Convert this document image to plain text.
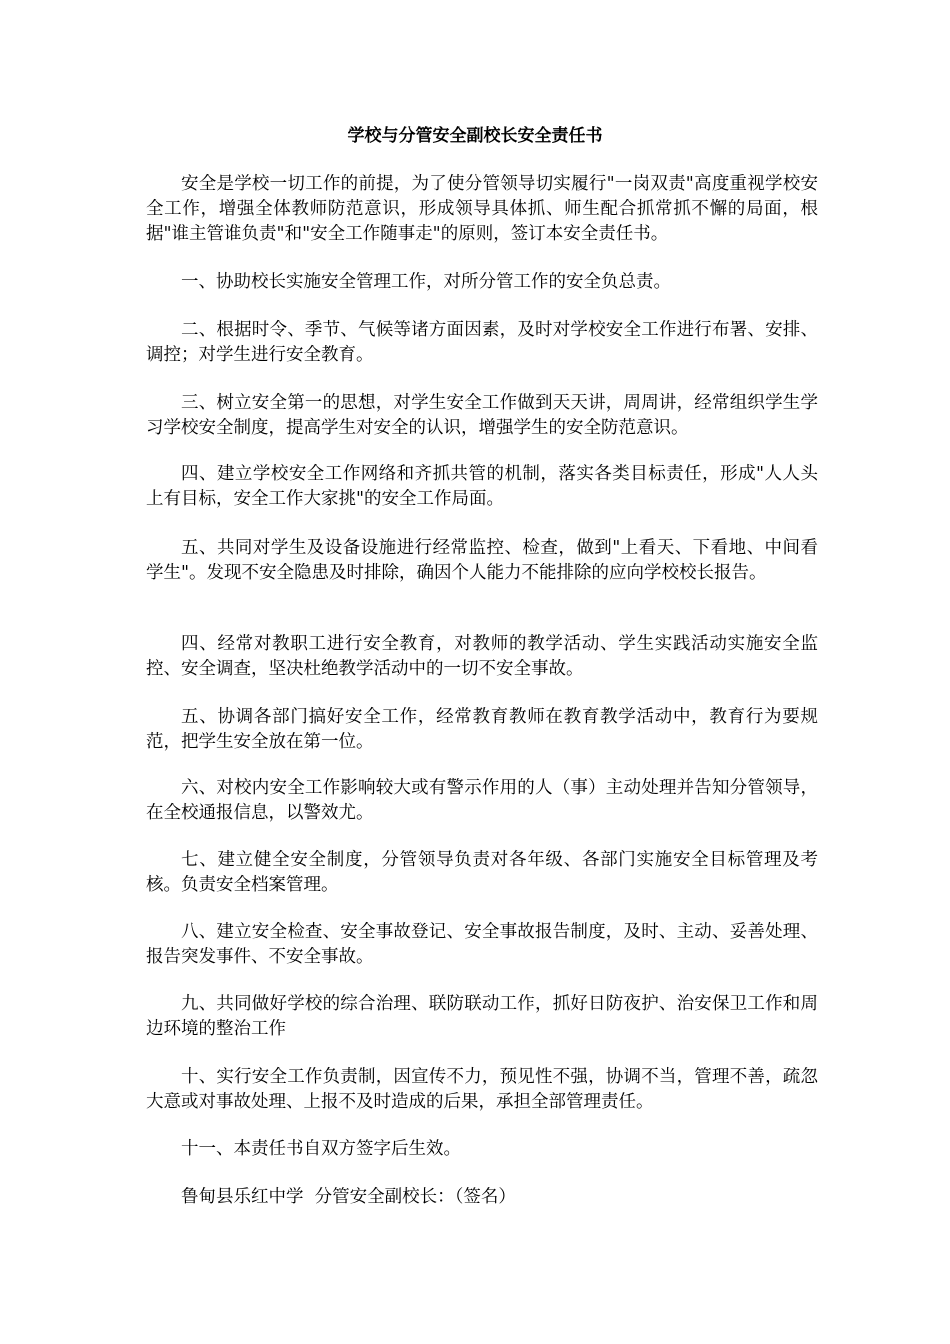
学校与分管安全副校长安全责任书

安全是学校一切工作的前提，为了使分管领导切实履行"一岗双责"高度重视学校安全工作，增强全体教师防范意识，形成领导具体抓、师生配合抓常抓不懈的局面，根据"谁主管谁负责"和"安全工作随事走"的原则，签订本安全责任书。

一、协助校长实施安全管理工作，对所分管工作的安全负总责。

二、根据时令、季节、气候等诸方面因素，及时对学校安全工作进行布署、安排、调控；对学生进行安全教育。

三、树立安全第一的思想，对学生安全工作做到天天讲，周周讲，经常组织学生学习学校安全制度，提高学生对安全的认识，增强学生的安全防范意识。

四、建立学校安全工作网络和齐抓共管的机制，落实各类目标责任，形成"人人头上有目标，安全工作大家挑"的安全工作局面。

五、共同对学生及设备设施进行经常监控、检查，做到"上看天、下看地、中间看学生"。发现不安全隐患及时排除，确因个人能力不能排除的应向学校校长报告。

四、经常对教职工进行安全教育，对教师的教学活动、学生实践活动实施安全监控、安全调查，坚决杜绝教学活动中的一切不安全事故。

五、协调各部门搞好安全工作，经常教育教师在教育教学活动中，教育行为要规范，把学生安全放在第一位。

六、对校内安全工作影响较大或有警示作用的人（事）主动处理并告知分管领导，在全校通报信息，以警效尤。

七、建立健全安全制度，分管领导负责对各年级、各部门实施安全目标管理及考核。负责安全档案管理。

八、建立安全检查、安全事故登记、安全事故报告制度，及时、主动、妥善处理、报告突发事件、不安全事故。

九、共同做好学校的综合治理、联防联动工作，抓好日防夜护、治安保卫工作和周边环境的整治工作

十、实行安全工作负责制，因宣传不力，预见性不强，协调不当，管理不善，疏忽大意或对事故处理、上报不及时造成的后果，承担全部管理责任。

十一、本责任书自双方签字后生效。

鲁甸县乐红中学  分管安全副校长：（签名）
